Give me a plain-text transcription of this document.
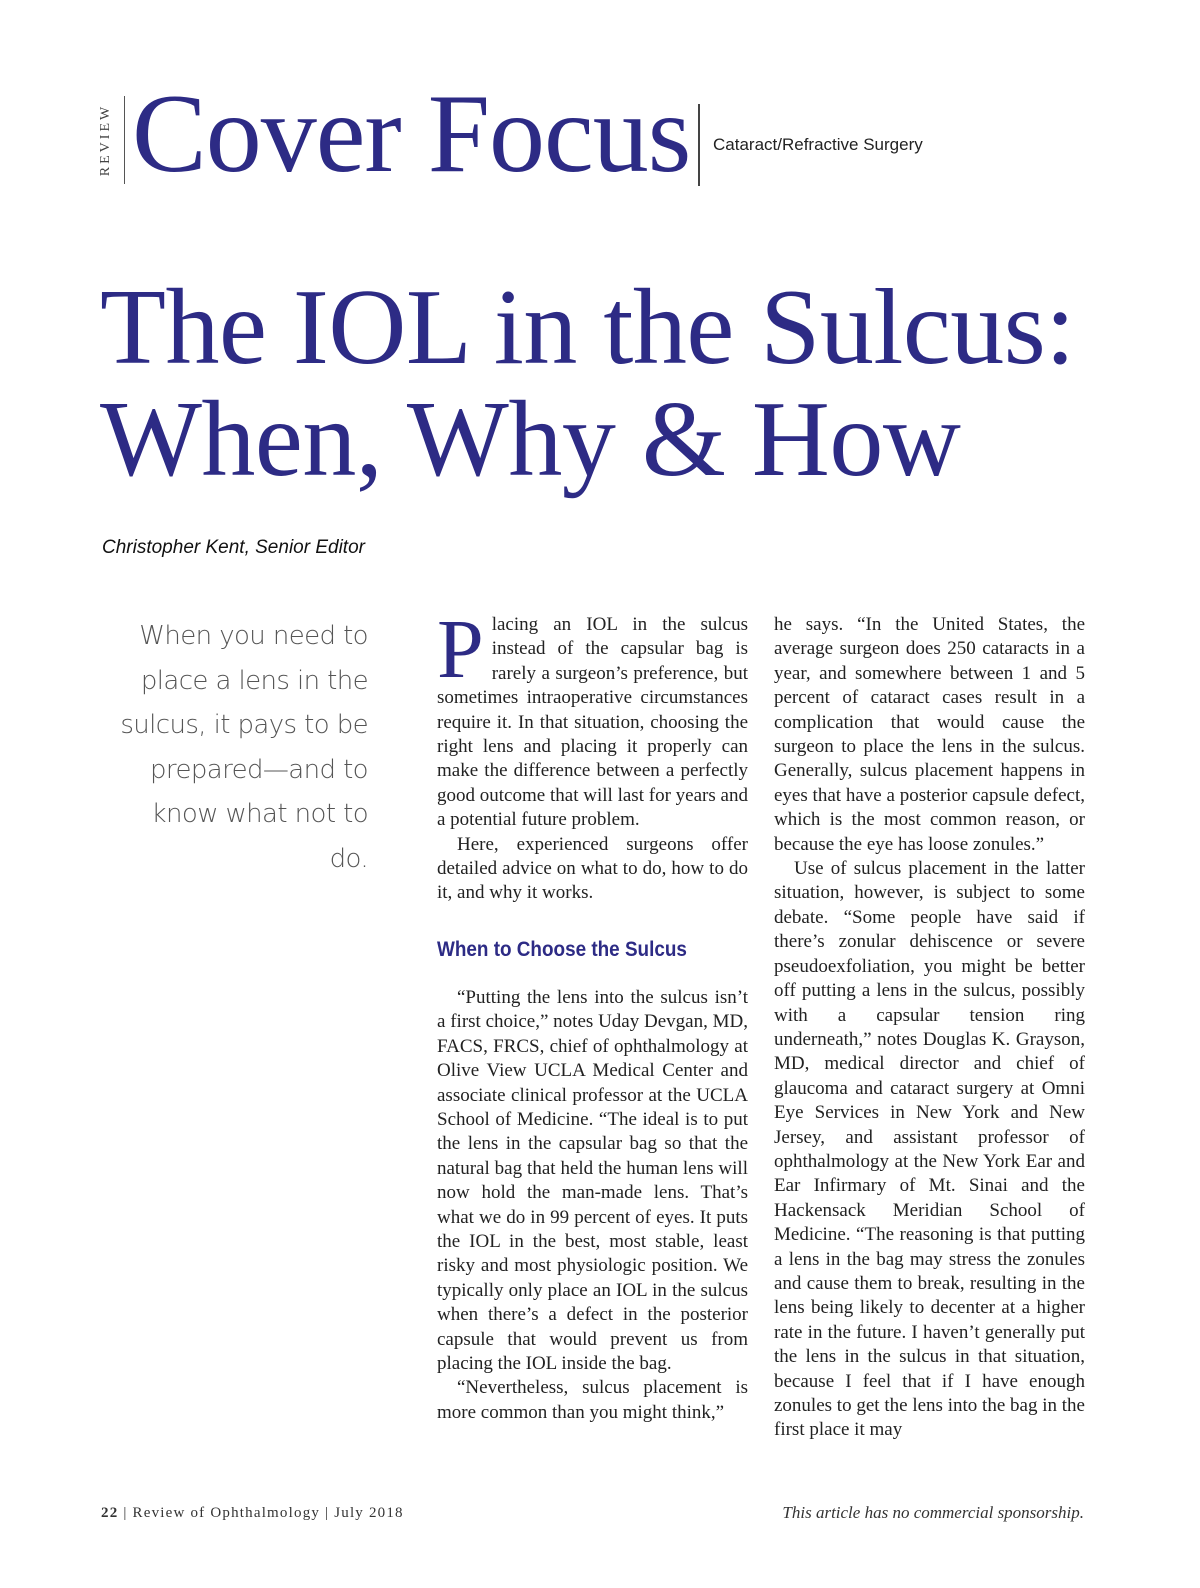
REVIEW Cover Focus Cataract/Refractive Surgery
The IOL in the Sulcus: When, Why & How
Christopher Kent, Senior Editor
When you need to place a lens in the sulcus, it pays to be prepared—and to know what not to do.

Placing an IOL in the sulcus instead of the capsular bag is rarely a surgeon’s preference, but sometimes intraoperative circumstances require it. In that situation, choosing the right lens and placing it properly can make the difference between a perfectly good outcome that will last for years and a potential future problem.

Here, experienced surgeons offer detailed advice on what to do, how to do it, and why it works.

When to Choose the Sulcus

“Putting the lens into the sulcus isn’t a first choice,” notes Uday Devgan, MD, FACS, FRCS, chief of ophthalmology at Olive View UCLA Medical Center and associate clinical professor at the UCLA School of Medicine. “The ideal is to put the lens in the capsular bag so that the natural bag that held the human lens will now hold the man-made lens. That’s what we do in 99 percent of eyes. It puts the IOL in the best, most stable, least risky and most physiologic position. We typically only place an IOL in the sulcus when there’s a defect in the posterior capsule that would prevent us from placing the IOL inside the bag.

“Nevertheless, sulcus placement is more common than you might think,”

he says. “In the United States, the average surgeon does 250 cataracts in a year, and somewhere between 1 and 5 percent of cataract cases result in a complication that would cause the surgeon to place the lens in the sulcus. Generally, sulcus placement happens in eyes that have a posterior capsule defect, which is the most common reason, or because the eye has loose zonules.”

Use of sulcus placement in the latter situation, however, is subject to some debate. “Some people have said if there’s zonular dehiscence or severe pseudoexfoliation, you might be better off putting a lens in the sulcus, possibly with a capsular tension ring underneath,” notes Douglas K. Grayson, MD, medical director and chief of glaucoma and cataract surgery at Omni Eye Services in New York and New Jersey, and assistant professor of ophthalmology at the New York Ear and Ear Infirmary of Mt. Sinai and the Hackensack Meridian School of Medicine. “The reasoning is that putting a lens in the bag may stress the zonules and cause them to break, resulting in the lens being likely to decenter at a higher rate in the future. I haven’t generally put the lens in the sulcus in that situation, because I feel that if I have enough zonules to get the lens into the bag in the first place it may

22 | Review of Ophthalmology | July 2018	This article has no commercial sponsorship.
